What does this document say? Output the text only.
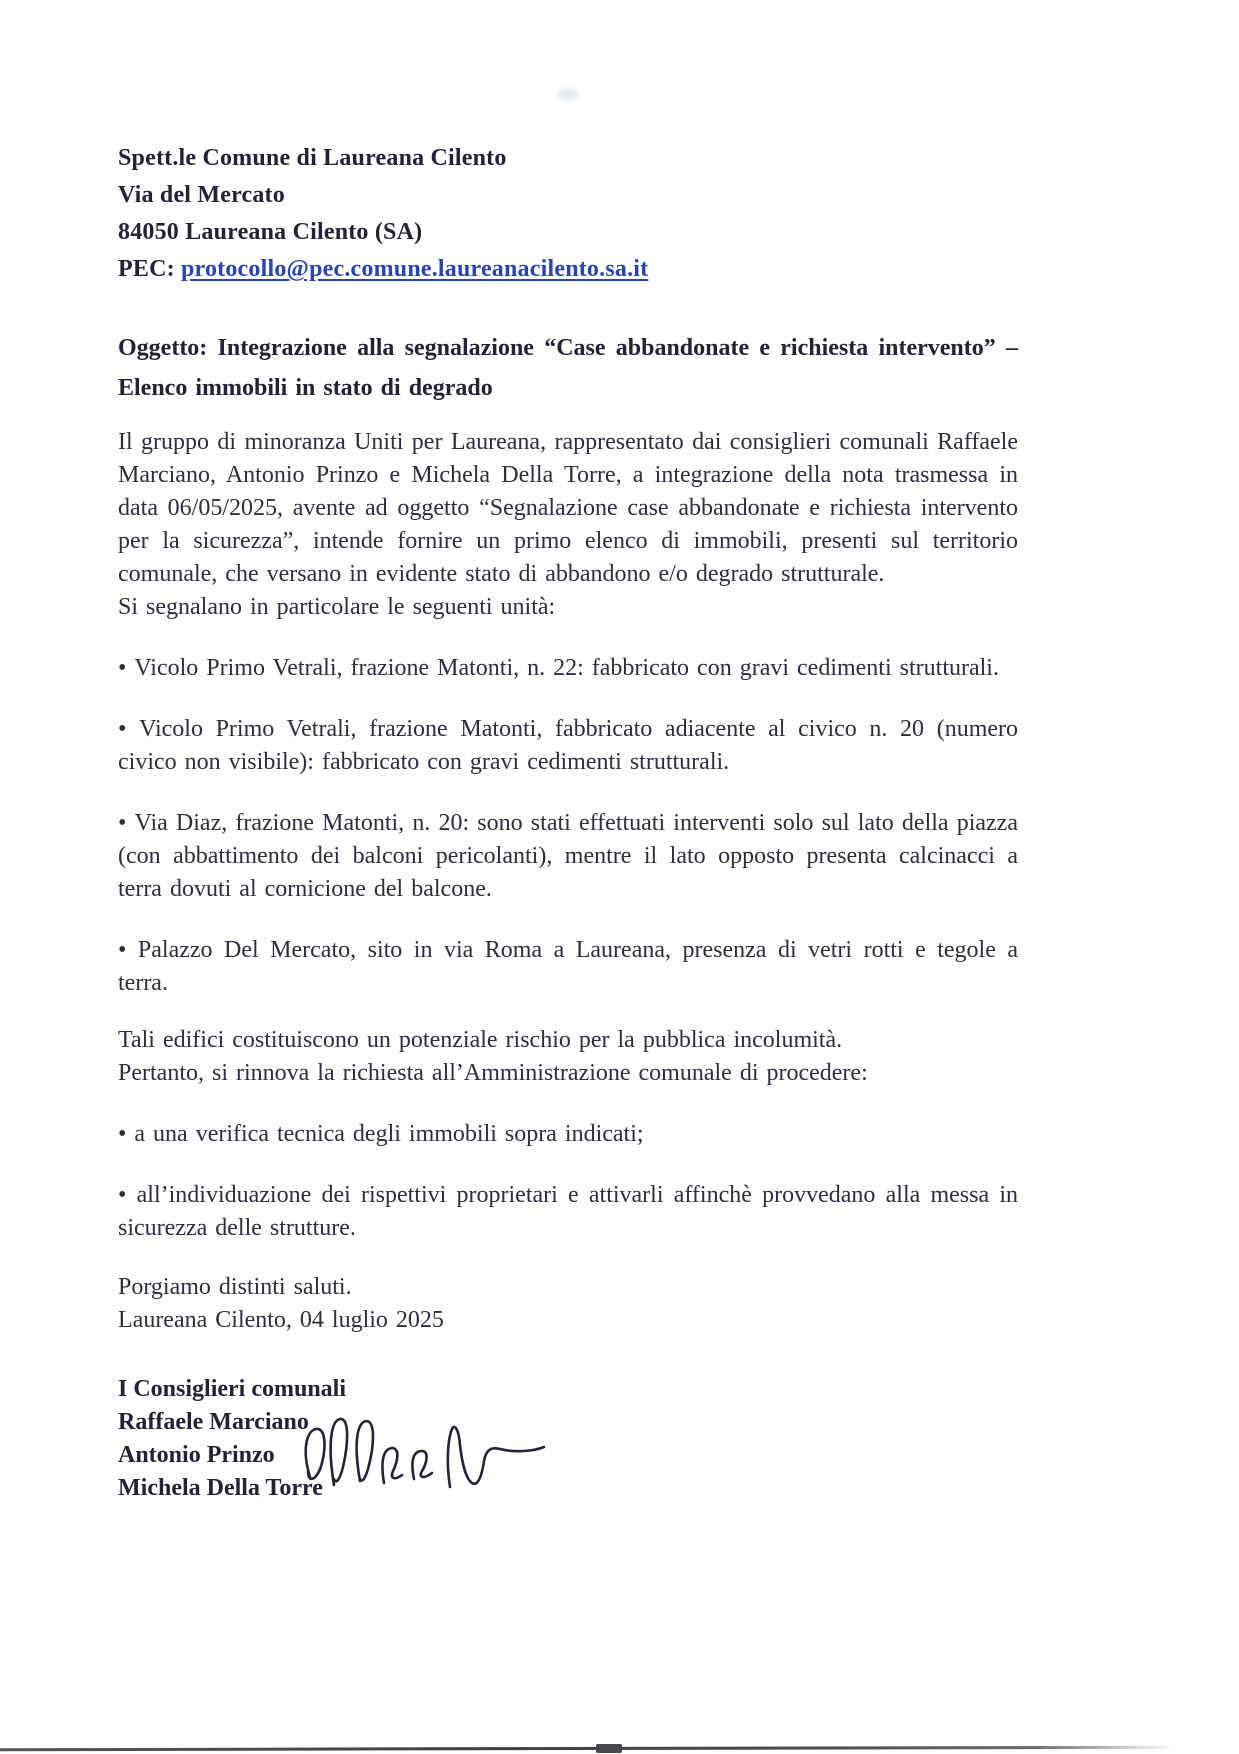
Spett.le Comune di Laureana Cilento
Via del Mercato
84050 Laureana Cilento (SA)
PEC: protocollo@pec.comune.laureanacilento.sa.it

Oggetto: Integrazione alla segnalazione “Case abbandonate e richiesta intervento” – Elenco immobili in stato di degrado

Il gruppo di minoranza Uniti per Laureana, rappresentato dai consiglieri comunali Raffaele Marciano, Antonio Prinzo e Michela Della Torre, a integrazione della nota trasmessa in data 06/05/2025, avente ad oggetto “Segnalazione case abbandonate e richiesta intervento per la sicurezza”, intende fornire un primo elenco di immobili, presenti sul territorio comunale, che versano in evidente stato di abbandono e/o degrado strutturale.

Si segnalano in particolare le seguenti unità:

• Vicolo Primo Vetrali, frazione Matonti, n. 22: fabbricato con gravi cedimenti strutturali.
• Vicolo Primo Vetrali, frazione Matonti, fabbricato adiacente al civico n. 20 (numero civico non visibile): fabbricato con gravi cedimenti strutturali.
• Via Diaz, frazione Matonti, n. 20: sono stati effettuati interventi solo sul lato della piazza (con abbattimento dei balconi pericolanti), mentre il lato opposto presenta calcinacci a terra dovuti al cornicione del balcone.
• Palazzo Del Mercato, sito in via Roma a Laureana, presenza di vetri rotti e tegole a terra.

Tali edifici costituiscono un potenziale rischio per la pubblica incolumità.

Pertanto, si rinnova la richiesta all’Amministrazione comunale di procedere:

• a una verifica tecnica degli immobili sopra indicati;
• all’individuazione dei rispettivi proprietari e attivarli affinchè provvedano alla messa in sicurezza delle strutture.

Porgiamo distinti saluti.

Laureana Cilento, 04 luglio 2025

I Consiglieri comunali
Raffaele Marciano
Antonio Prinzo
Michela Della Torre
